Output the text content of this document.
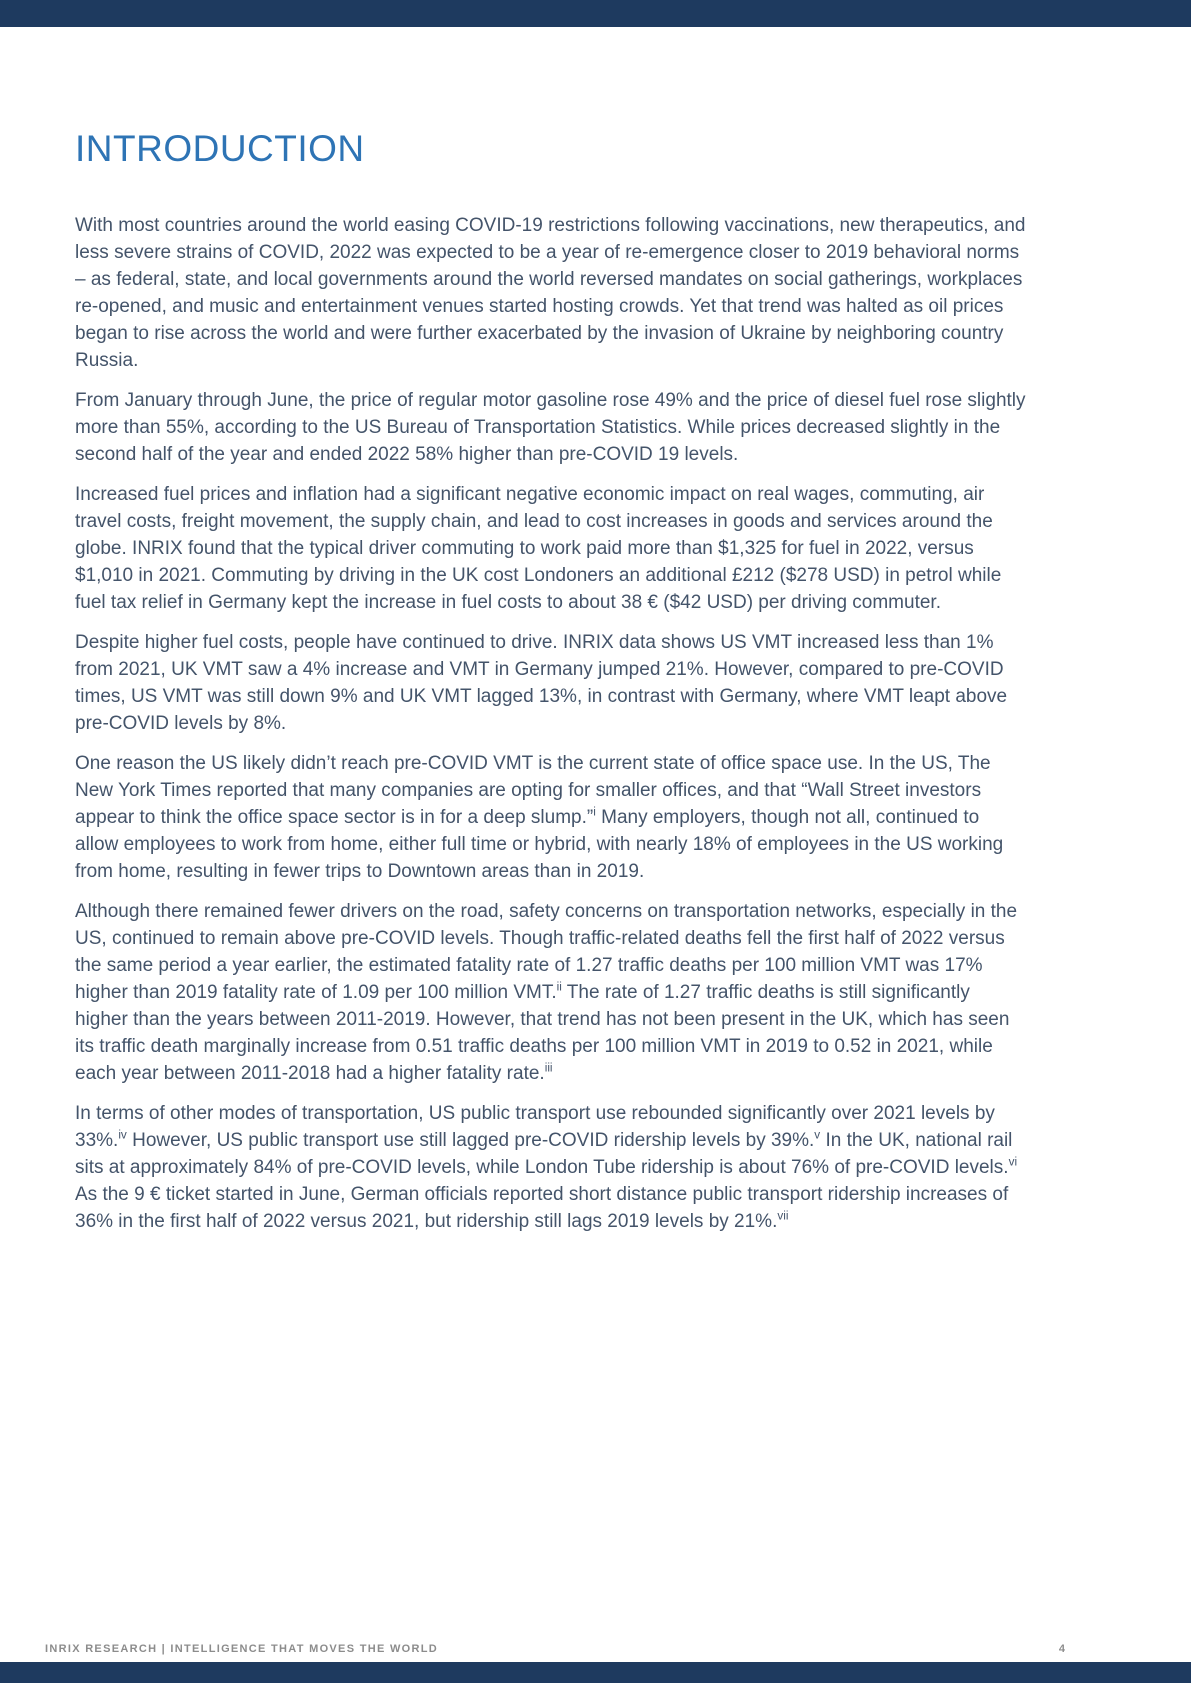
INTRODUCTION

With most countries around the world easing COVID-19 restrictions following vaccinations, new therapeutics, and less severe strains of COVID, 2022 was expected to be a year of re-emergence closer to 2019 behavioral norms – as federal, state, and local governments around the world reversed mandates on social gatherings, workplaces re-opened, and music and entertainment venues started hosting crowds. Yet that trend was halted as oil prices began to rise across the world and were further exacerbated by the invasion of Ukraine by neighboring country Russia.

From January through June, the price of regular motor gasoline rose 49% and the price of diesel fuel rose slightly more than 55%, according to the US Bureau of Transportation Statistics. While prices decreased slightly in the second half of the year and ended 2022 58% higher than pre-COVID 19 levels.

Increased fuel prices and inflation had a significant negative economic impact on real wages, commuting, air travel costs, freight movement, the supply chain, and lead to cost increases in goods and services around the globe. INRIX found that the typical driver commuting to work paid more than $1,325 for fuel in 2022, versus $1,010 in 2021. Commuting by driving in the UK cost Londoners an additional £212 ($278 USD) in petrol while fuel tax relief in Germany kept the increase in fuel costs to about 38 € ($42 USD) per driving commuter.

Despite higher fuel costs, people have continued to drive. INRIX data shows US VMT increased less than 1% from 2021, UK VMT saw a 4% increase and VMT in Germany jumped 21%. However, compared to pre-COVID times, US VMT was still down 9% and UK VMT lagged 13%, in contrast with Germany, where VMT leapt above pre-COVID levels by 8%.

One reason the US likely didn’t reach pre-COVID VMT is the current state of office space use. In the US, The New York Times reported that many companies are opting for smaller offices, and that “Wall Street investors appear to think the office space sector is in for a deep slump.”$^i$ Many employers, though not all, continued to allow employees to work from home, either full time or hybrid, with nearly 18% of employees in the US working from home, resulting in fewer trips to Downtown areas than in 2019.

Although there remained fewer drivers on the road, safety concerns on transportation networks, especially in the US, continued to remain above pre-COVID levels. Though traffic-related deaths fell the first half of 2022 versus the same period a year earlier, the estimated fatality rate of 1.27 traffic deaths per 100 million VMT was 17% higher than 2019 fatality rate of 1.09 per 100 million VMT.$^{ii}$ The rate of 1.27 traffic deaths is still significantly higher than the years between 2011-2019. However, that trend has not been present in the UK, which has seen its traffic death marginally increase from 0.51 traffic deaths per 100 million VMT in 2019 to 0.52 in 2021, while each year between 2011-2018 had a higher fatality rate.$^{iii}$

In terms of other modes of transportation, US public transport use rebounded significantly over 2021 levels by 33%.$^{iv}$ However, US public transport use still lagged pre-COVID ridership levels by 39%.$^v$ In the UK, national rail sits at approximately 84% of pre-COVID levels, while London Tube ridership is about 76% of pre-COVID levels.$^{vi}$ As the 9 € ticket started in June, German officials reported short distance public transport ridership increases of 36% in the first half of 2022 versus 2021, but ridership still lags 2019 levels by 21%.$^{vii}$

INRIX RESEARCH | INTELLIGENCE THAT MOVES THE WORLD	4
